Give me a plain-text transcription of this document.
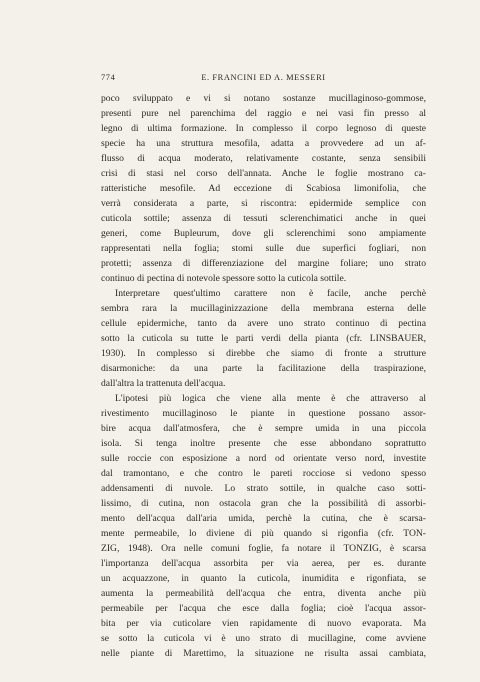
774	E. FRANCINI ED A. MESSERI
poco sviluppato e vi si notano sostanze mucillaginoso-gommose,
presenti pure nel parenchima del raggio e nei vasi fin presso al
legno di ultima formazione. In complesso il corpo legnoso di queste
specie ha una struttura mesofila, adatta a provvedere ad un af-
flusso di acqua moderato, relativamente costante, senza sensibili
crisi di stasi nel corso dell'annata. Anche le foglie mostrano ca-
ratteristiche mesofile. Ad eccezione di Scabiosa limonifolia, che
verrà considerata a parte, si riscontra: epidermide semplice con
cuticola sottile; assenza di tessuti sclerenchimatici anche in quei
generi, come Bupleurum, dove gli sclerenchimi sono ampiamente
rappresentati nella foglia; stomi sulle due superfici fogliari, non
protetti; assenza di differenziazione del margine foliare; uno strato
continuo di pectina di notevole spessore sotto la cuticola sottile.
Interpretare quest'ultimo carattere non è facile, anche perchè
sembra rara la mucillaginizzazione della membrana esterna delle
cellule epidermiche, tanto da avere uno strato continuo di pectina
sotto la cuticola su tutte le parti verdi della pianta (cfr. LINSBAUER,
1930). In complesso si direbbe che siamo di fronte a strutture
disarmoniche: da una parte la facilitazione della traspirazione,
dall'altra la trattenuta dell'acqua.
L'ipotesi più logica che viene alla mente è che attraverso al
rivestimento mucillaginoso le piante in questione possano assor-
bire acqua dall'atmosfera, che è sempre umida in una piccola
isola. Si tenga inoltre presente che esse abbondano soprattutto
sulle roccie con esposizione a nord od orientate verso nord, investite
dal tramontano, e che contro le pareti rocciose si vedono spesso
addensamenti di nuvole. Lo strato sottile, in qualche caso sotti-
lissimo, di cutina, non ostacola gran che la possibilità di assorbi-
mento dell'acqua dall'aria umida, perchè la cutina, che è scarsa-
mente permeabile, lo diviene di più quando si rigonfia (cfr. TON-
ZIG, 1948). Ora nelle comuni foglie, fa notare il TONZIG, è scarsa
l'importanza dell'acqua assorbita per via aerea, per es. durante
un acquazzone, in quanto la cuticola, inumidita e rigonfiata, se
aumenta la permeabilità dell'acqua che entra, diventa anche più
permeabile per l'acqua che esce dalla foglia; cioè l'acqua assor-
bita per via cuticolare vien rapidamente di nuovo evaporata. Ma
se sotto la cuticola vi è uno strato di mucillagine, come avviene
nelle piante di Marettimo, la situazione ne risulta assai cambiata,
